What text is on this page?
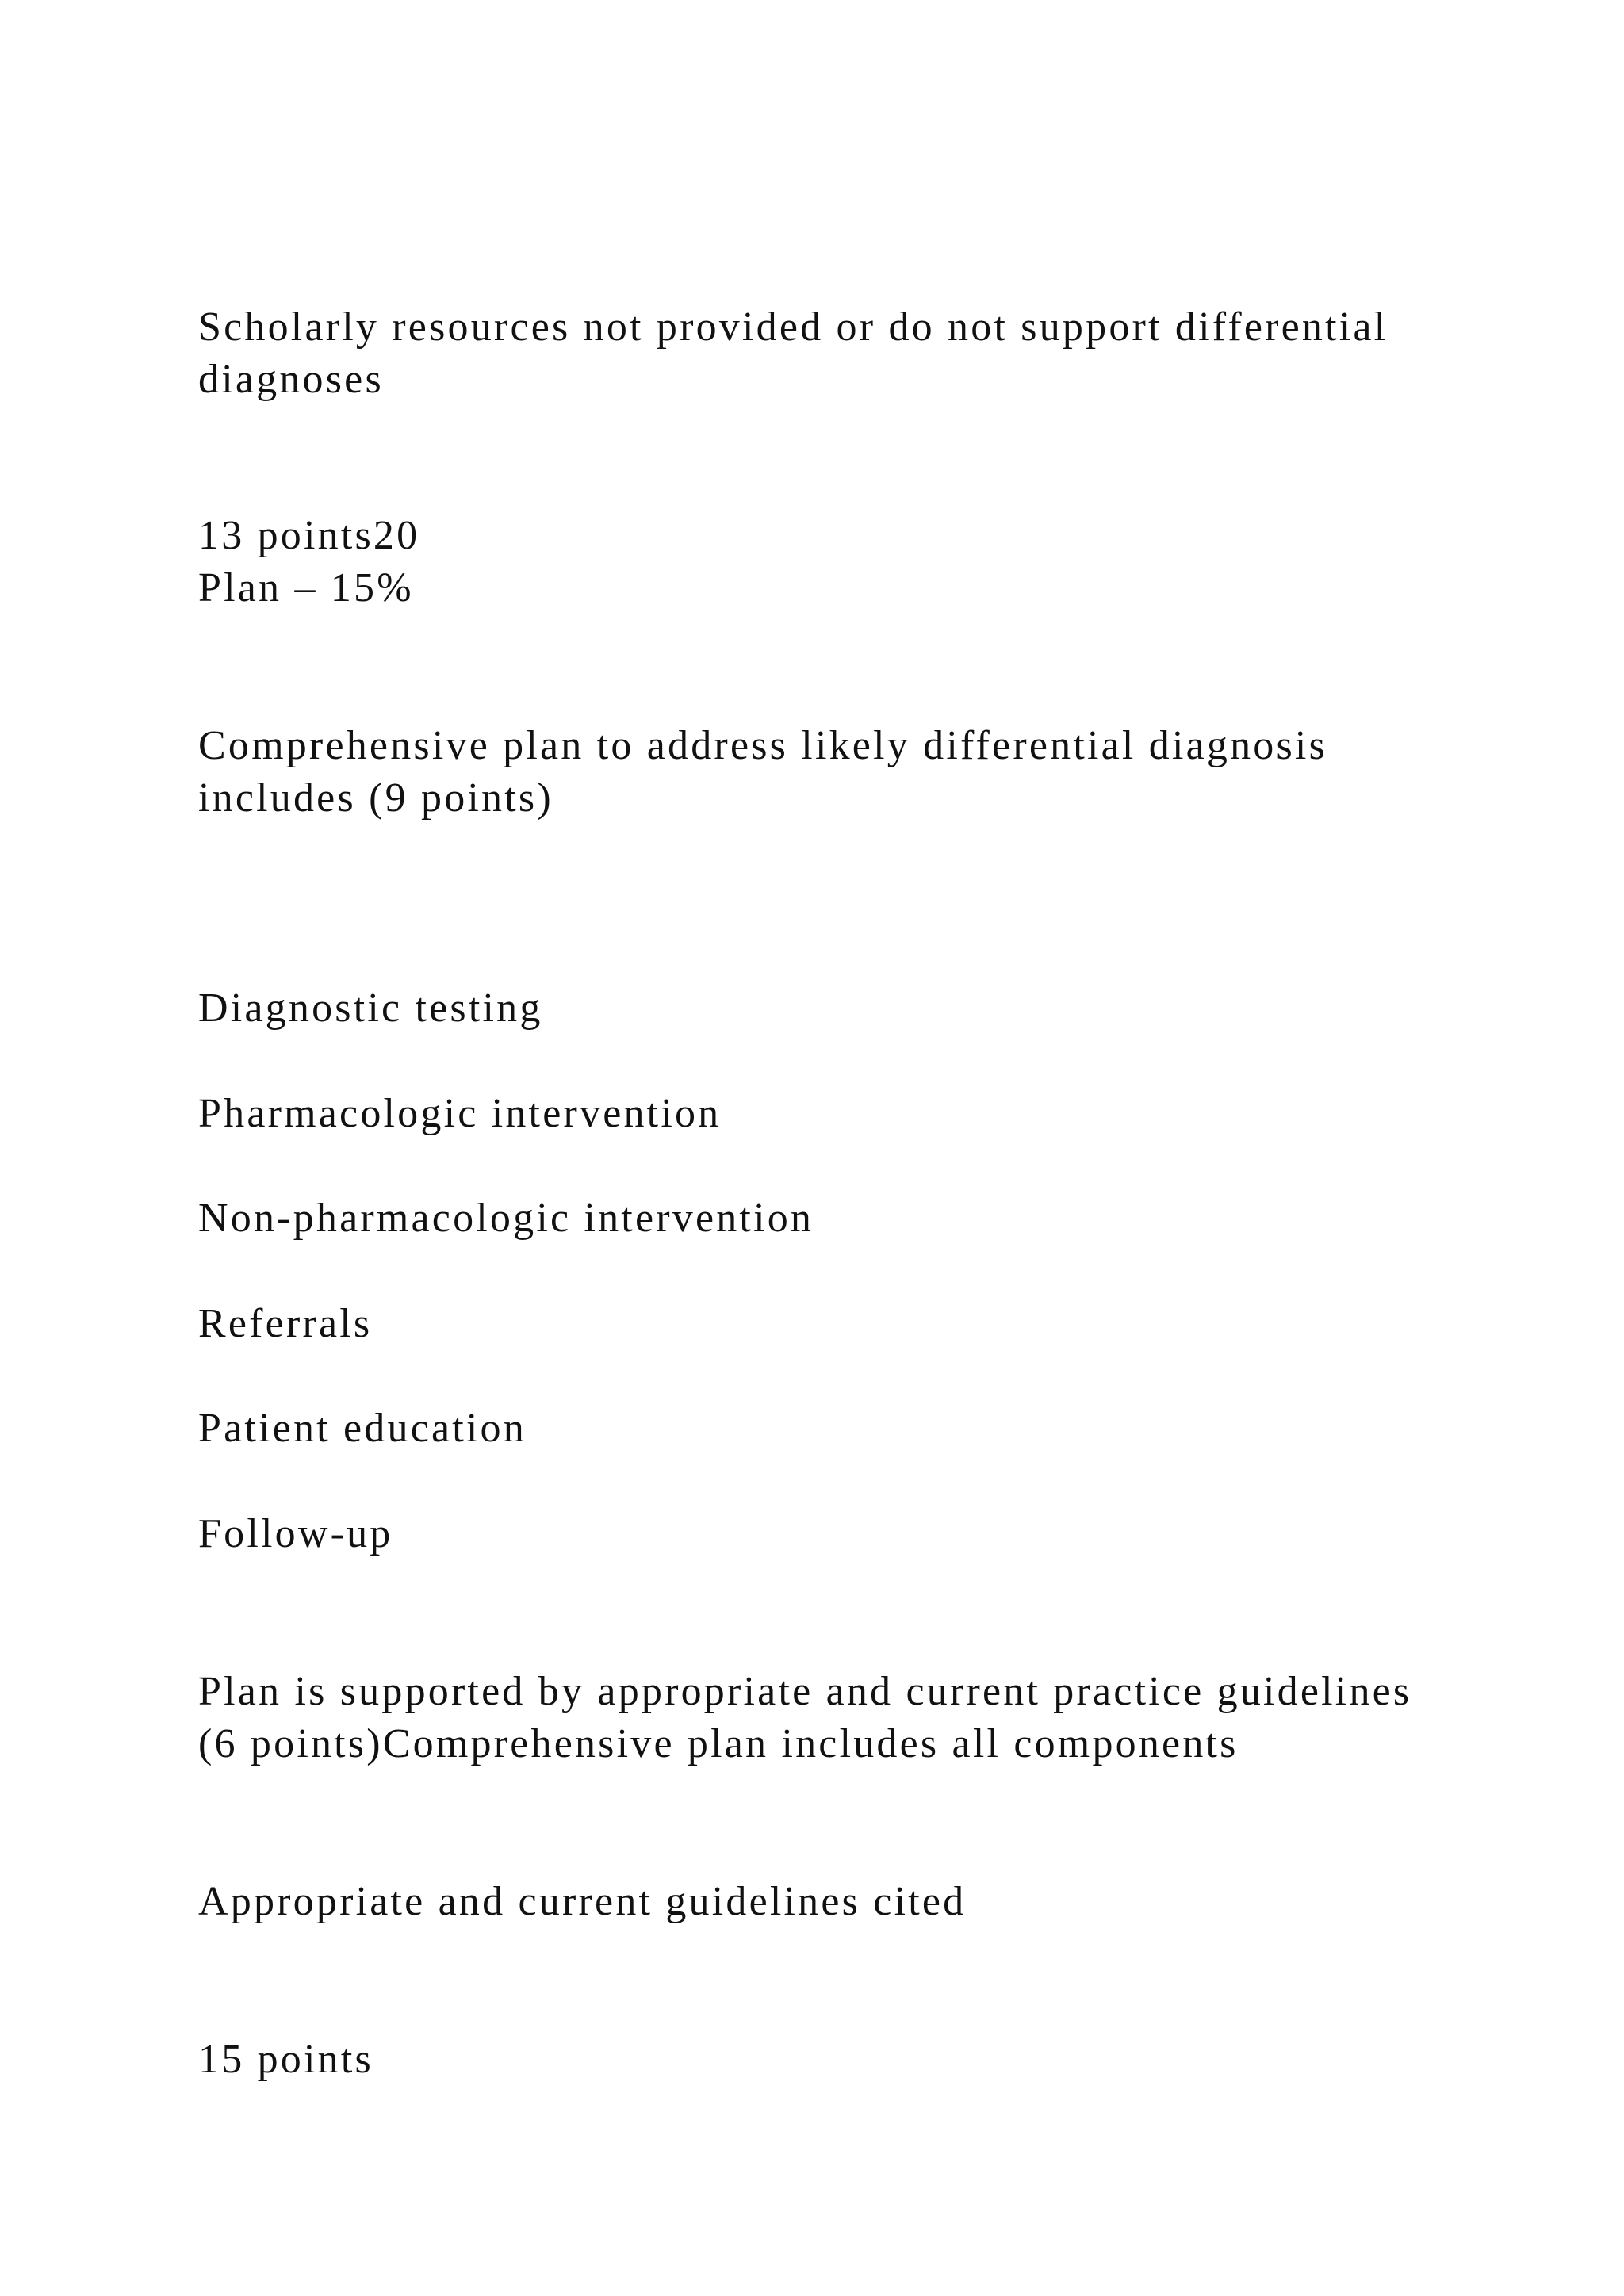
Scholarly resources not provided or do not support differential

diagnoses

13 points20

Plan – 15%

Comprehensive plan to address likely differential diagnosis

includes (9 points)

Diagnostic testing

Pharmacologic intervention

Non-pharmacologic intervention

Referrals

Patient education

Follow-up

Plan is supported by appropriate and current practice guidelines

(6 points)Comprehensive plan includes all components

Appropriate and current guidelines cited

15 points
